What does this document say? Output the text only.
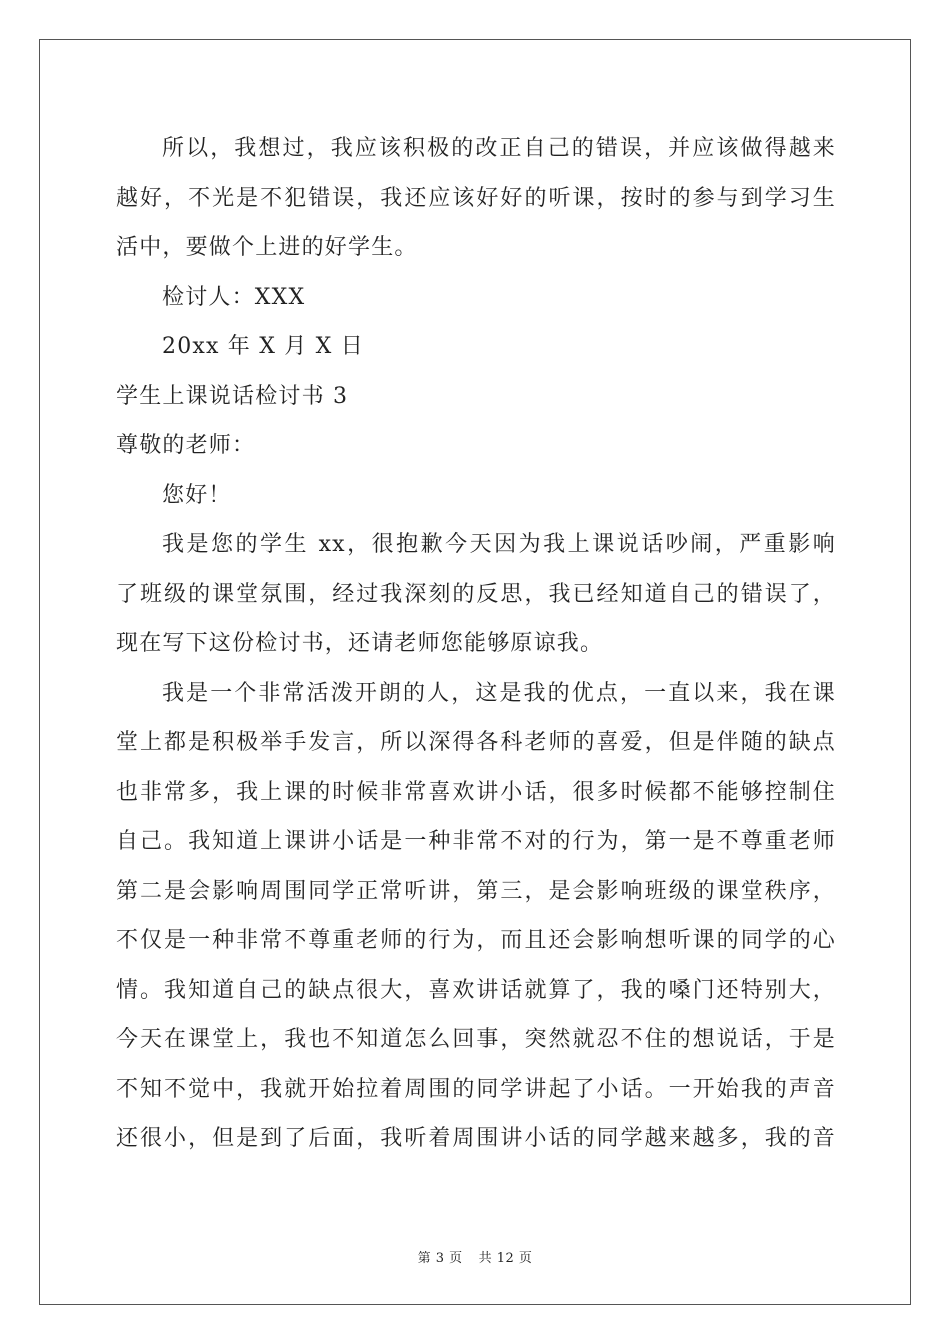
所以，我想过，我应该积极的改正自己的错误，并应该做得越来
越好，不光是不犯错误，我还应该好好的听课，按时的参与到学习生
活中，要做个上进的好学生。
检讨人：XXX
20xx 年 X 月 X 日
学生上课说话检讨书 3
尊敬的老师：
您好！
我是您的学生 xx，很抱歉今天因为我上课说话吵闹，严重影响
了班级的课堂氛围，经过我深刻的反思，我已经知道自己的错误了，
现在写下这份检讨书，还请老师您能够原谅我。
我是一个非常活泼开朗的人，这是我的优点，一直以来，我在课
堂上都是积极举手发言，所以深得各科老师的喜爱，但是伴随的缺点
也非常多，我上课的时候非常喜欢讲小话，很多时候都不能够控制住
自己。我知道上课讲小话是一种非常不对的行为，第一是不尊重老师
第二是会影响周围同学正常听讲，第三，是会影响班级的课堂秩序，
不仅是一种非常不尊重老师的行为，而且还会影响想听课的同学的心
情。我知道自己的缺点很大，喜欢讲话就算了，我的嗓门还特别大，
今天在课堂上，我也不知道怎么回事，突然就忍不住的想说话，于是
不知不觉中，我就开始拉着周围的同学讲起了小话。一开始我的声音
还很小，但是到了后面，我听着周围讲小话的同学越来越多，我的音
第 3 页 共 12 页
